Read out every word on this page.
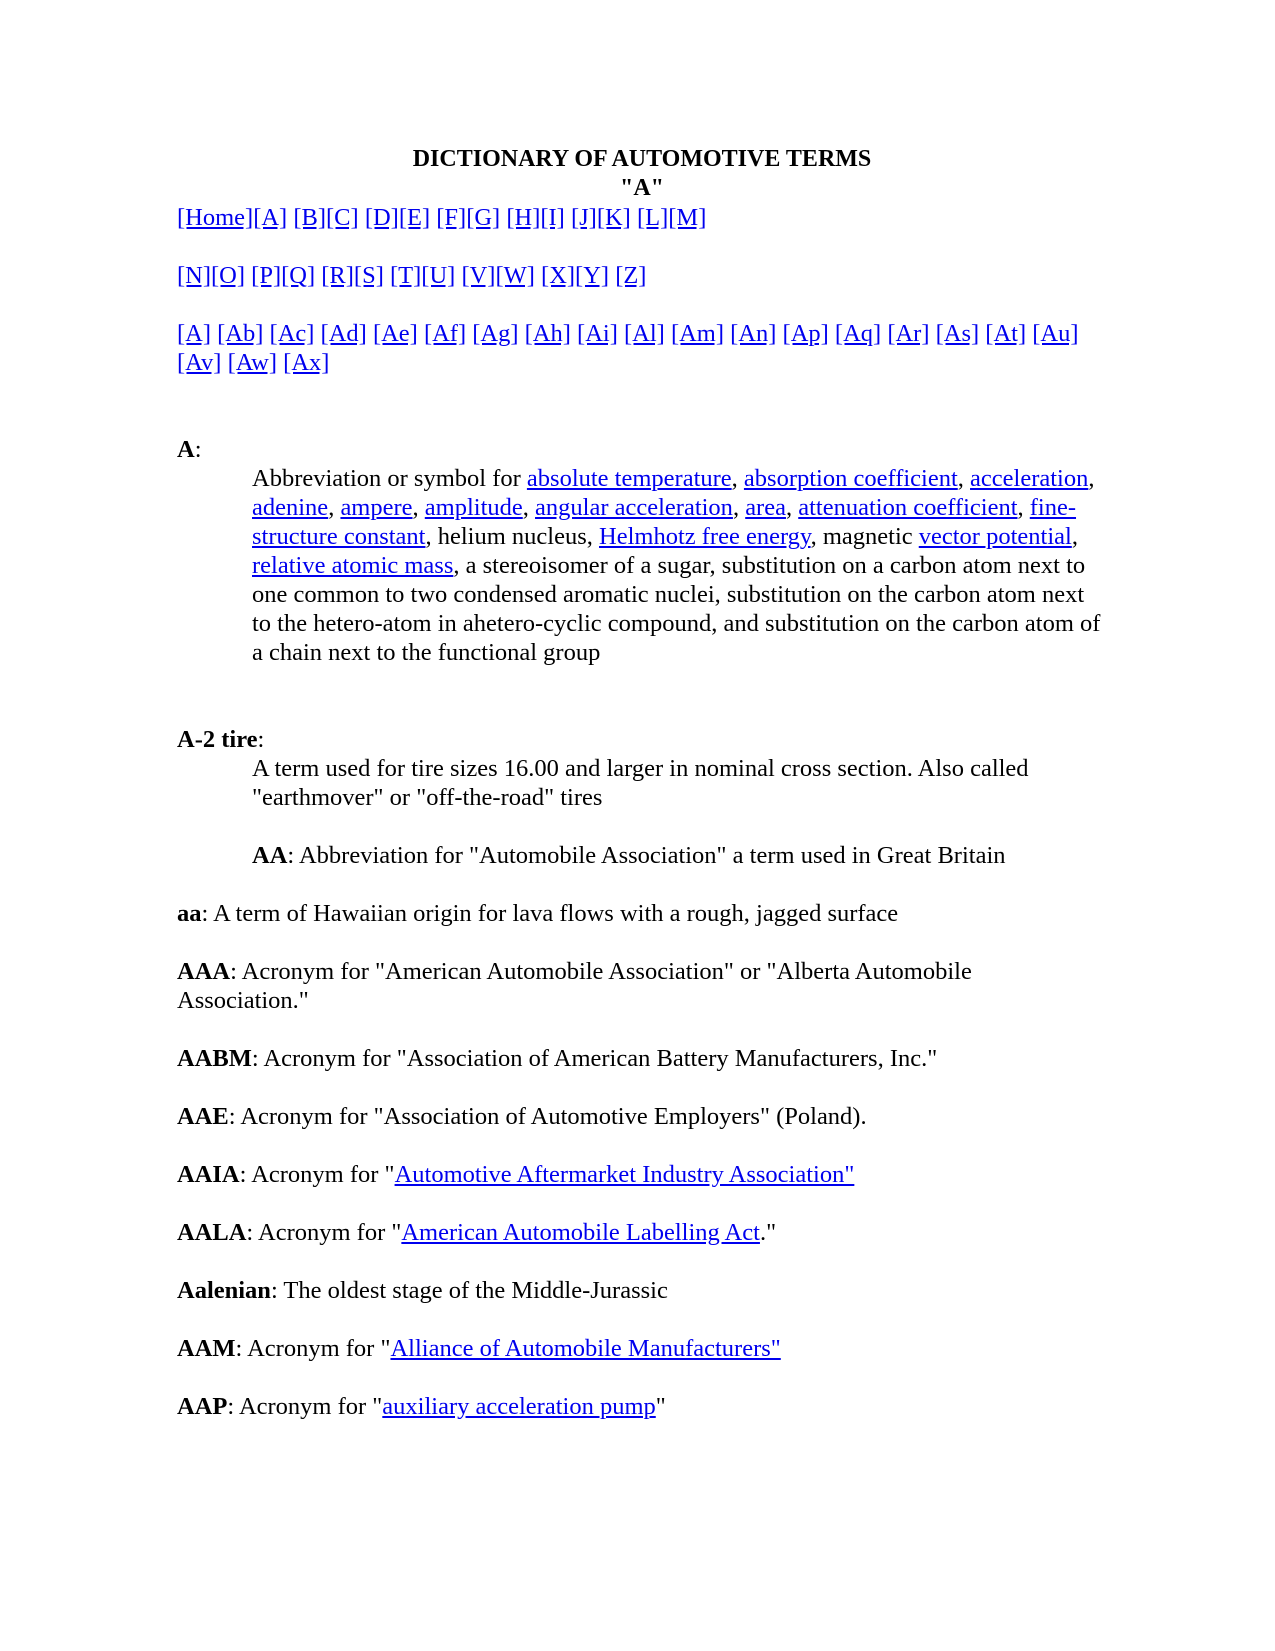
DICTIONARY OF AUTOMOTIVE TERMS

"A"

[Home][A] [B][C] [D][E] [F][G] [H][I] [J][K] [L][M]

[N][O] [P][Q] [R][S] [T][U] [V][W] [X][Y] [Z]

[A] [Ab] [Ac] [Ad] [Ae] [Af] [Ag] [Ah] [Ai] [Al] [Am] [An] [Ap] [Aq] [Ar] [As] [At] [Au] [Av] [Aw] [Ax]

A:

Abbreviation or symbol for absolute temperature, absorption coefficient, acceleration, adenine, ampere, amplitude, angular acceleration, area, attenuation coefficient, fine-structure constant, helium nucleus, Helmhotz free energy, magnetic vector potential, relative atomic mass, a stereoisomer of a sugar, substitution on a carbon atom next to one common to two condensed aromatic nuclei, substitution on the carbon atom next to the hetero-atom in ahetero-cyclic compound, and substitution on the carbon atom of a chain next to the functional group

A-2 tire:

A term used for tire sizes 16.00 and larger in nominal cross section. Also called "earthmover" or "off-the-road" tires

AA: Abbreviation for "Automobile Association" a term used in Great Britain

aa: A term of Hawaiian origin for lava flows with a rough, jagged surface

AAA: Acronym for "American Automobile Association" or "Alberta Automobile Association."

AABM: Acronym for "Association of American Battery Manufacturers, Inc."

AAE: Acronym for "Association of Automotive Employers" (Poland).

AAIA: Acronym for "Automotive Aftermarket Industry Association"

AALA: Acronym for "American Automobile Labelling Act."

Aalenian: The oldest stage of the Middle-Jurassic

AAM: Acronym for "Alliance of Automobile Manufacturers"

AAP: Acronym for "auxiliary acceleration pump"
